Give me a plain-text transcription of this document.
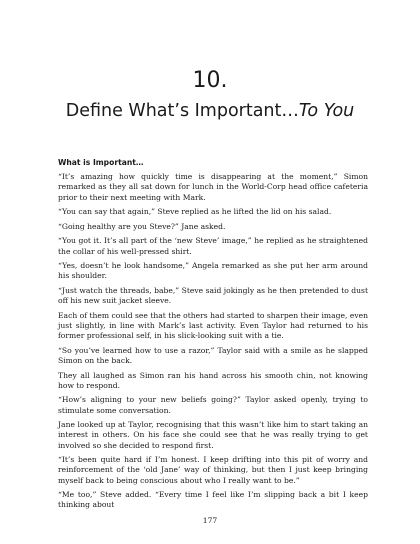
10.
Define What’s Important…To You
What is Important…

“It’s amazing how quickly time is disappearing at the moment,” Simon remarked as they all sat down for lunch in the World-Corp head office cafeteria prior to their next meeting with Mark.

“You can say that again,” Steve replied as he lifted the lid on his salad.

“Going healthy are you Steve?” Jane asked.

“You got it. It’s all part of the ‘new Steve’ image,” he replied as he straightened the collar of his well-pressed shirt.

“Yes, doesn’t he look handsome,” Angela remarked as she put her arm around his shoulder.

“Just watch the threads, babe,” Steve said jokingly as he then pretended to dust off his new suit jacket sleeve.

Each of them could see that the others had started to sharpen their image, even just slightly, in line with Mark’s last activity. Even Taylor had returned to his former professional self, in his slick-looking suit with a tie.

“So you’ve learned how to use a razor,” Taylor said with a smile as he slapped Simon on the back.

They all laughed as Simon ran his hand across his smooth chin, not knowing how to respond.

“How’s aligning to your new beliefs going?” Taylor asked openly, trying to stimulate some conversation.

Jane looked up at Taylor, recognising that this wasn’t like him to start taking an interest in others. On his face she could see that he was really trying to get involved so she decided to respond first.

“It’s been quite hard if I’m honest. I keep drifting into this pit of worry and reinforcement of the ‘old Jane’ way of thinking, but then I just keep bringing myself back to being conscious about who I really want to be.”

“Me too,” Steve added. “Every time I feel like I’m slipping back a bit I keep thinking about

177
